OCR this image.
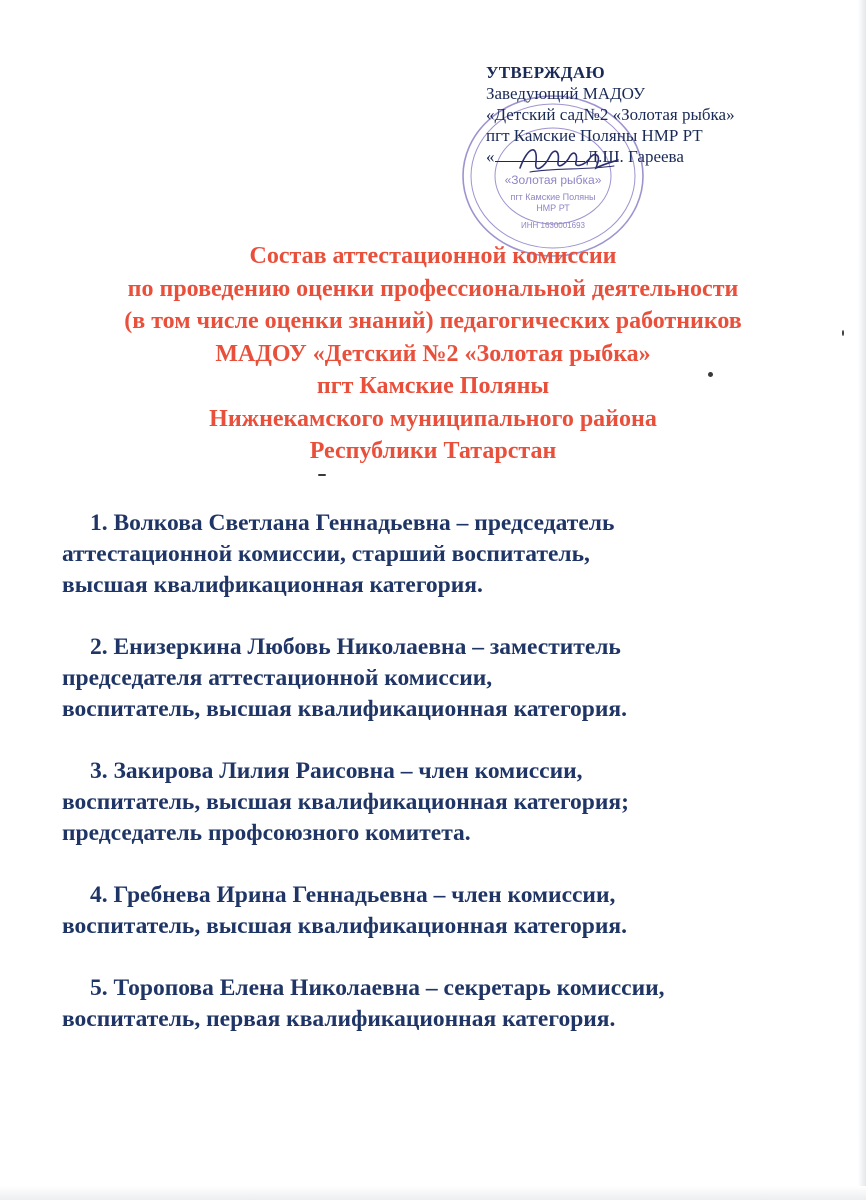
«Золотая рыбка»
пгт Камские Поляны
НМР РТ
ИНН 1630001693
УТВЕРЖДАЮ
Заведующий МАДОУ
«Детский сад№2 «Золотая рыбка»
пгт Камские Поляны НМР РТ
«	Д.Ш. Гареева
Состав аттестационной комиссии
по проведению оценки профессиональной деятельности
(в том числе оценки знаний) педагогических работников
МАДОУ «Детский №2 «Золотая рыбка»
пгт Камские Поляны
Нижнекамского муниципального района
Республики Татарстан
1. Волкова Светлана Геннадьевна – председатель
аттестационной комиссии, старший воспитатель,
высшая квалификационная категория.
2. Енизеркина Любовь Николаевна – заместитель
председателя аттестационной комиссии,
воспитатель, высшая квалификационная категория.
3. Закирова Лилия Раисовна – член комиссии,
воспитатель, высшая квалификационная категория;
председатель профсоюзного комитета.
4. Гребнева Ирина Геннадьевна – член комиссии,
воспитатель, высшая квалификационная категория.
5. Торопова Елена Николаевна – секретарь комиссии,
воспитатель, первая квалификационная категория.
